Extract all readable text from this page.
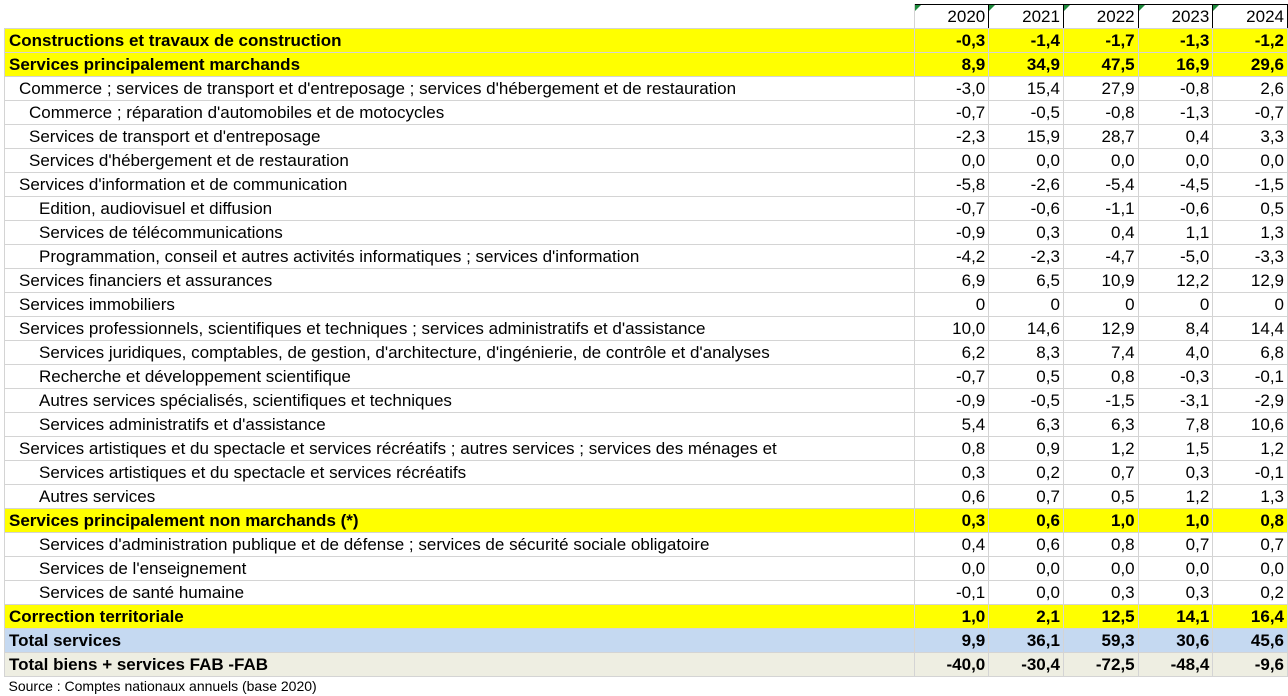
2020	2021	2022	2023	2024
Constructions et travaux de construction	-0,3	-1,4	-1,7	-1,3	-1,2
Services principalement marchands	8,9	34,9	47,5	16,9	29,6
Commerce ; services de transport et d'entreposage ; services d'hébergement et de restauration	-3,0	15,4	27,9	-0,8	2,6
Commerce ; réparation d'automobiles et de motocycles	-0,7	-0,5	-0,8	-1,3	-0,7
Services de transport et d'entreposage	-2,3	15,9	28,7	0,4	3,3
Services d'hébergement et de restauration	0,0	0,0	0,0	0,0	0,0
Services d'information et de communication	-5,8	-2,6	-5,4	-4,5	-1,5
Edition, audiovisuel et diffusion	-0,7	-0,6	-1,1	-0,6	0,5
Services de télécommunications	-0,9	0,3	0,4	1,1	1,3
Programmation, conseil et autres activités informatiques ; services d'information	-4,2	-2,3	-4,7	-5,0	-3,3
Services financiers et assurances	6,9	6,5	10,9	12,2	12,9
Services immobiliers	0	0	0	0	0
Services professionnels, scientifiques et techniques ; services administratifs et d'assistance	10,0	14,6	12,9	8,4	14,4
Services juridiques, comptables, de gestion, d'architecture, d'ingénierie, de contrôle et d'analyses	6,2	8,3	7,4	4,0	6,8
Recherche et développement scientifique	-0,7	0,5	0,8	-0,3	-0,1
Autres services spécialisés, scientifiques et techniques	-0,9	-0,5	-1,5	-3,1	-2,9
Services administratifs et d'assistance	5,4	6,3	6,3	7,8	10,6
Services artistiques et du spectacle et services récréatifs ; autres services ; services des ménages et	0,8	0,9	1,2	1,5	1,2
Services artistiques et du spectacle et services récréatifs	0,3	0,2	0,7	0,3	-0,1
Autres services	0,6	0,7	0,5	1,2	1,3
Services principalement non marchands (*)	0,3	0,6	1,0	1,0	0,8
Services d'administration publique et de défense ; services de sécurité sociale obligatoire	0,4	0,6	0,8	0,7	0,7
Services de l'enseignement	0,0	0,0	0,0	0,0	0,0
Services de santé humaine	-0,1	0,0	0,3	0,3	0,2
Correction territoriale	1,0	2,1	12,5	14,1	16,4
Total services	9,9	36,1	59,3	30,6	45,6
Total biens + services FAB -FAB	-40,0	-30,4	-72,5	-48,4	-9,6
Source : Comptes nationaux annuels (base 2020)					
